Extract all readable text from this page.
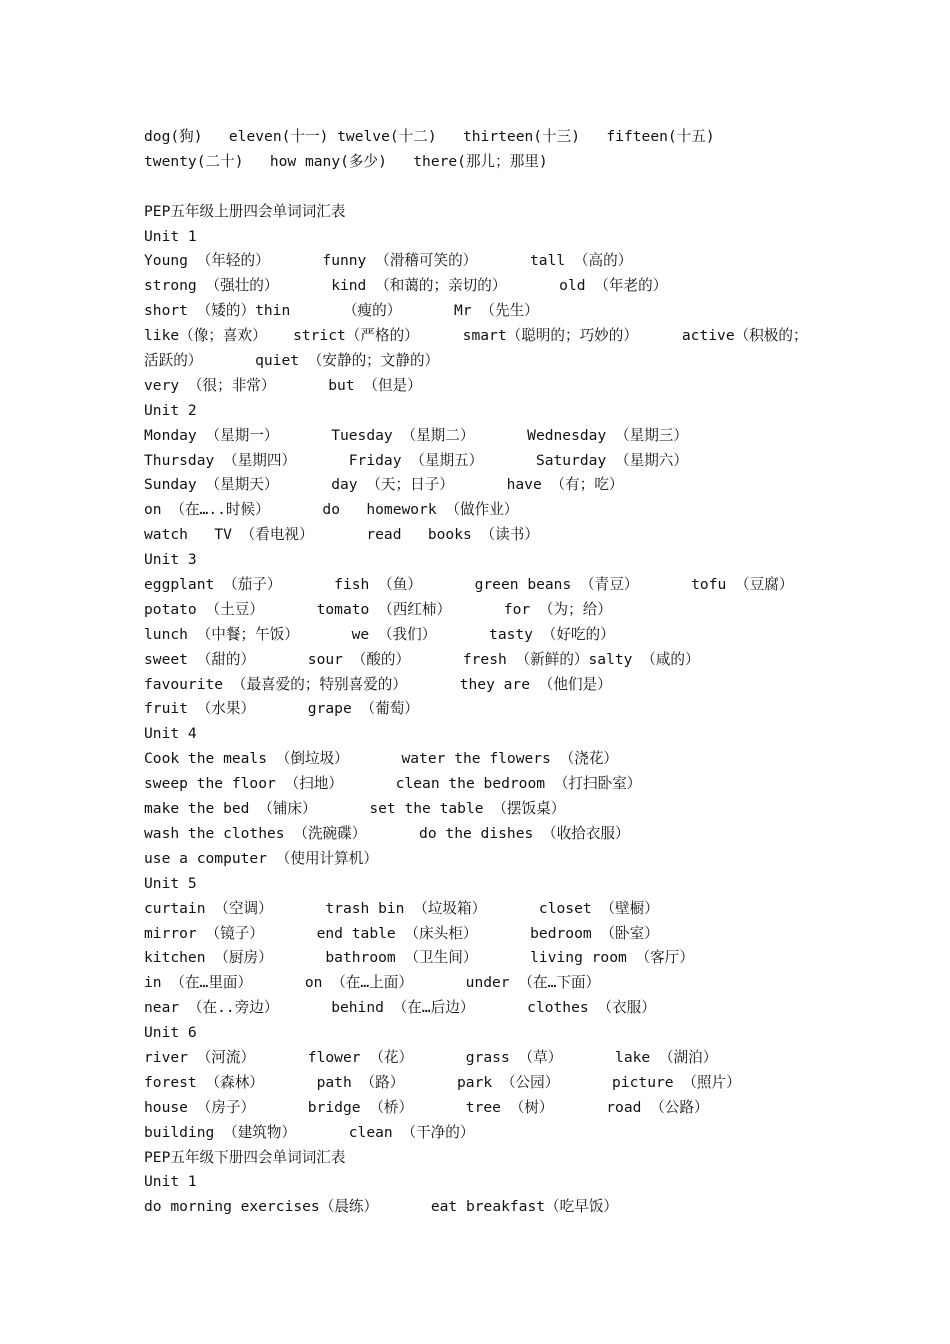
dog(狗)   eleven(十一) twelve(十二)   thirteen(十三)   fifteen(十五)
twenty(二十)   how many(多少)   there(那儿；那里)
PEP五年级上册四会单词词汇表
Unit 1
Young （年轻的）      funny （滑稽可笑的）      tall （高的）
strong （强壮的）      kind （和蔼的；亲切的）      old （年老的）
short （矮的）thin      （瘦的）      Mr （先生）
like（像；喜欢）   strict（严格的）     smart（聪明的；巧妙的）     active（积极的；
活跃的）      quiet （安静的；文静的）
very （很；非常）      but （但是）
Unit 2
Monday （星期一）      Tuesday （星期二）      Wednesday （星期三）
Thursday （星期四）      Friday （星期五）      Saturday （星期六）
Sunday （星期天）      day （天；日子）      have （有；吃）
on （在…..时候）      do   homework （做作业）
watch   TV （看电视）      read   books （读书）
Unit 3
eggplant （茄子）      fish （鱼）      green beans （青豆）      tofu （豆腐）
potato （土豆）      tomato （西红柿）      for （为；给）
lunch （中餐；午饭）      we （我们）      tasty （好吃的）
sweet （甜的）      sour （酸的）      fresh （新鲜的）salty （咸的）
favourite （最喜爱的；特别喜爱的）      they are （他们是）
fruit （水果）      grape （葡萄）
Unit 4
Cook the meals （倒垃圾）      water the flowers （浇花）
sweep the floor （扫地）      clean the bedroom （打扫卧室）
make the bed （铺床）      set the table （摆饭桌）
wash the clothes （洗碗碟）      do the dishes （收拾衣服）
use a computer （使用计算机）
Unit 5
curtain （空调）      trash bin （垃圾箱）      closet （壁橱）
mirror （镜子）      end table （床头柜）      bedroom （卧室）
kitchen （厨房）      bathroom （卫生间）      living room （客厅）
in （在…里面）      on （在…上面）      under （在…下面）
near （在..旁边）      behind （在…后边）      clothes （衣服）
Unit 6
river （河流）      flower （花）      grass （草）      lake （湖泊）
forest （森林）      path （路）      park （公园）      picture （照片）
house （房子）      bridge （桥）      tree （树）      road （公路）
building （建筑物）      clean （干净的）
PEP五年级下册四会单词词汇表
Unit 1
do morning exercises（晨练）      eat breakfast（吃早饭）
